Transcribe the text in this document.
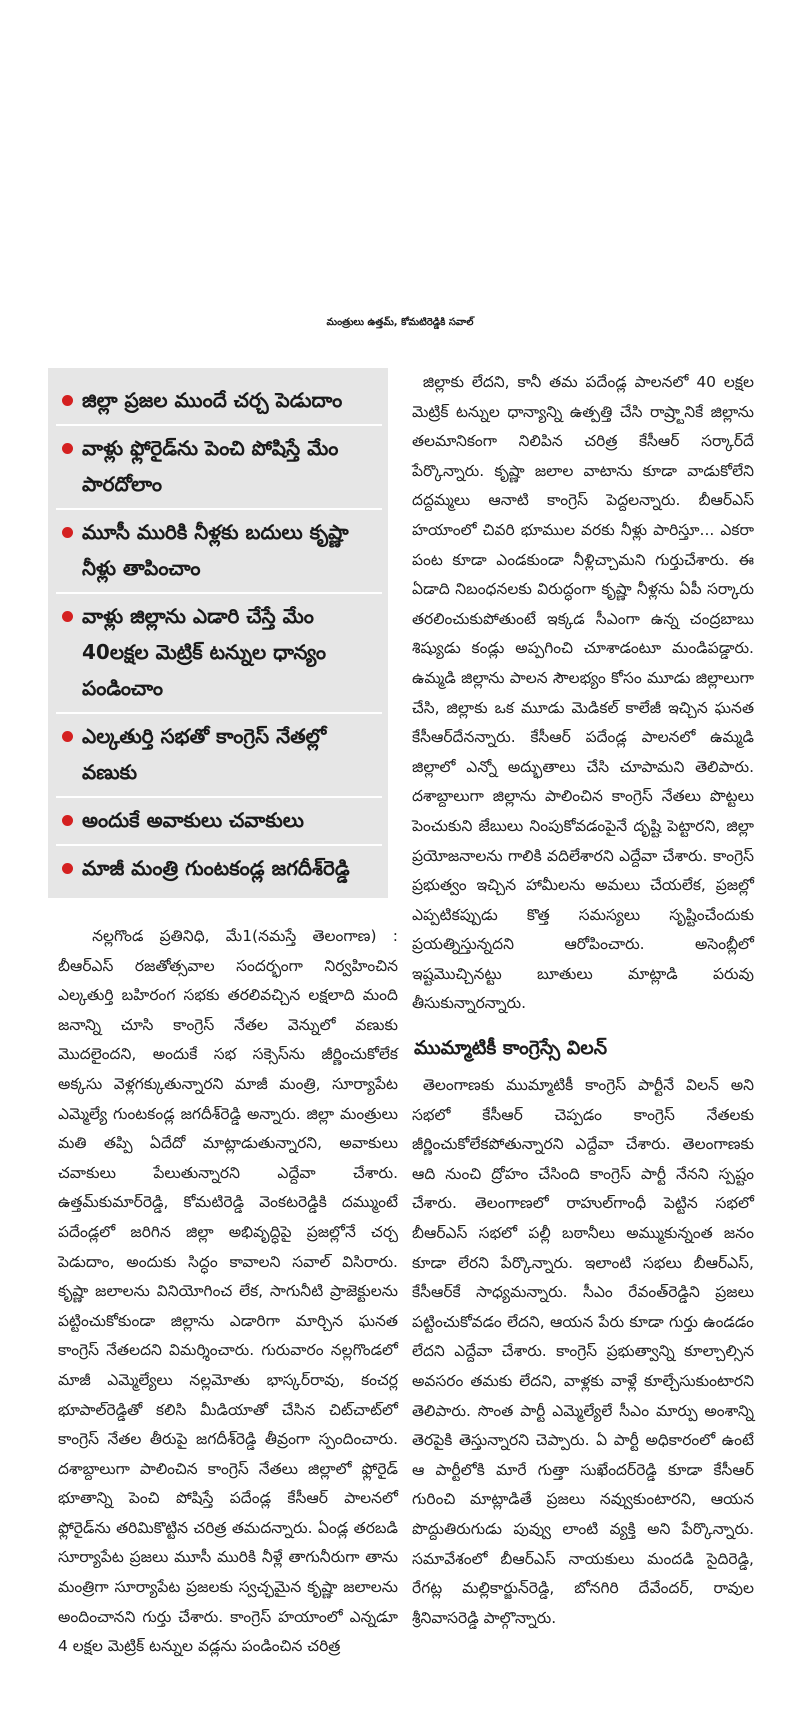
మంత్రులు ఉత్తమ్, కోమటిరెడ్డికి సవాల్
జిల్లా ప్రజల ముందే చర్చ పెడుదాం
వాళ్లు ఫ్లోరైడ్‌ను పెంచి పోషిస్తే మేం పారదోలాం
మూసీ మురికి నీళ్లకు బదులు కృష్ణా నీళ్లు తాపించాం
వాళ్లు జిల్లాను ఎడారి చేస్తే మేం 40లక్షల మెట్రిక్ టన్నుల ధాన్యం పండించాం
ఎల్కతుర్తి సభతో కాంగ్రెస్ నేతల్లో వణుకు
అందుకే అవాకులు చవాకులు
మాజీ మంత్రి గుంటకండ్ల జగదీశ్‌రెడ్డి

నల్లగొండ ప్రతినిధి, మే1(నమస్తే తెలంగాణ) : బీఆర్ఎస్ రజతోత్సవాల సందర్భంగా నిర్వహించిన ఎల్కతుర్తి బహిరంగ సభకు తరలివచ్చిన లక్షలాది మంది జనాన్ని చూసి కాంగ్రెస్ నేతల వెన్నులో వణుకు మొదలైందని, అందుకే సభ సక్సెస్‌ను జీర్ణించుకోలేక అక్కసు వెళ్లగక్కుతున్నారని మాజీ మంత్రి, సూర్యాపేట ఎమ్మెల్యే గుంటకండ్ల జగదీశ్‌రెడ్డి అన్నారు. జిల్లా మంత్రులు మతి తప్పి ఏదేదో మాట్లాడుతున్నారని, అవాకులు చవాకులు పేలుతున్నారని ఎద్దేవా చేశారు. ఉత్తమ్‌కుమార్‌రెడ్డి, కోమటిరెడ్డి వెంకటరెడ్డికి దమ్ముంటే పదేండ్లలో జరిగిన జిల్లా అభివృద్ధిపై ప్రజల్లోనే చర్చ పెడుదాం, అందుకు సిద్ధం కావాలని సవాల్ విసిరారు. కృష్ణా జలాలను వినియోగించ లేక, సాగునీటి ప్రాజెక్టులను పట్టించుకోకుండా జిల్లాను ఎడారిగా మార్చిన ఘనత కాంగ్రెస్ నేతలదని విమర్శించారు. గురువారం నల్లగొండలో మాజీ ఎమ్మెల్యేలు నల్లమోతు భాస్కర్‌రావు, కంచర్ల భూపాల్‌రెడ్డితో కలిసి మీడియాతో చేసిన చిట్‌చాట్‌లో కాంగ్రెస్ నేతల తీరుపై జగదీశ్‌రెడ్డి తీవ్రంగా స్పందించారు. దశాబ్దాలుగా పాలించిన కాంగ్రెస్ నేతలు జిల్లాలో ఫ్లోరైడ్ భూతాన్ని పెంచి పోషిస్తే పదేండ్ల కేసీఆర్ పాలనలో ఫ్లోరైడ్‌ను తరిమికొట్టిన చరిత్ర తమదన్నారు. ఏండ్ల తరబడి సూర్యాపేట ప్రజలు మూసీ మురికి నీళ్లే తాగునీరుగా తాను మంత్రిగా సూర్యాపేట ప్రజలకు స్వచ్ఛమైన కృష్ణా జలాలను అందించానని గుర్తు చేశారు. కాంగ్రెస్ హయాంలో ఎన్నడూ 4 లక్షల మెట్రిక్ టన్నుల వడ్లను పండించిన చరిత్ర

జిల్లాకు లేదని, కానీ తమ పదేండ్ల పాలనలో 40 లక్షల మెట్రిక్ టన్నుల ధాన్యాన్ని ఉత్పత్తి చేసి రాష్ర్టానికే జిల్లాను తలమానికంగా నిలిపిన చరిత్ర కేసీఆర్ సర్కార్‌దే పేర్కొన్నారు. కృష్ణా జలాల వాటాను కూడా వాడుకోలేని దద్దమ్మలు ఆనాటి కాంగ్రెస్ పెద్దలన్నారు. బీఆర్ఎస్ హయాంలో చివరి భూముల వరకు నీళ్లు పారిస్తూ... ఎకరా పంట కూడా ఎండకుండా నీళ్లిచ్చామని గుర్తుచేశారు. ఈ ఏడాది నిబంధనలకు విరుద్ధంగా కృష్ణా నీళ్లను ఏపీ సర్కారు తరలించుకుపోతుంటే ఇక్కడ సీఎంగా ఉన్న చంద్రబాబు శిష్యుడు కండ్లు అప్పగించి చూశాడంటూ మండిపడ్డారు. ఉమ్మడి జిల్లాను పాలన సౌలభ్యం కోసం మూడు జిల్లాలుగా చేసి, జిల్లాకు ఒక మూడు మెడికల్ కాలేజీ ఇచ్చిన ఘనత కేసీఆర్‌దేనన్నారు. కేసీఆర్ పదేండ్ల పాలనలో ఉమ్మడి జిల్లాలో ఎన్నో అద్భుతాలు చేసి చూపామని తెలిపారు. దశాబ్దాలుగా జిల్లాను పాలించిన కాంగ్రెస్ నేతలు పొట్టలు పెంచుకుని జేబులు నింపుకోవడంపైనే దృష్టి పెట్టారని, జిల్లా ప్రయోజనాలను గాలికి వదిలేశారని ఎద్దేవా చేశారు. కాంగ్రెస్ ప్రభుత్వం ఇచ్చిన హామీలను అమలు చేయలేక, ప్రజల్లో ఎప్పటికప్పుడు కొత్త సమస్యలు సృష్టించేందుకు ప్రయత్నిస్తున్నదని ఆరోపించారు. అసెంబ్లీలో ఇష్టమొచ్చినట్టు బూతులు మాట్లాడి పరువు తీసుకున్నారన్నారు.

ముమ్మాటికీ కాంగ్రెస్సే విలన్

తెలంగాణకు ముమ్మాటికీ కాంగ్రెస్ పార్టీనే విలన్ అని సభలో కేసీఆర్ చెప్పడం కాంగ్రెస్ నేతలకు జీర్ణించుకోలేకపోతున్నారని ఎద్దేవా చేశారు. తెలంగాణకు ఆది నుంచి ద్రోహం చేసింది కాంగ్రెస్ పార్టీ నేనని స్పష్టం చేశారు. తెలంగాణలో రాహుల్‌గాంధీ పెట్టిన సభలో బీఆర్ఎస్ సభలో పల్లీ బఠానీలు అమ్ముకున్నంత జనం కూడా లేరని పేర్కొన్నారు. ఇలాంటి సభలు బీఆర్ఎస్, కేసీఆర్‌కే సాధ్యమన్నారు. సీఎం రేవంత్‌రెడ్డిని ప్రజలు పట్టించుకోవడం లేదని, ఆయన పేరు కూడా గుర్తు ఉండడం లేదని ఎద్దేవా చేశారు. కాంగ్రెస్ ప్రభుత్వాన్ని కూల్చాల్సిన అవసరం తమకు లేదని, వాళ్లకు వాళ్లే కూల్చేసుకుంటారని తెలిపారు. సొంత పార్టీ ఎమ్మెల్యేలే సీఎం మార్పు అంశాన్ని తెరపైకి తెస్తున్నారని చెప్పారు. ఏ పార్టీ అధికారంలో ఉంటే ఆ పార్టీలోకి మారే గుత్తా సుఖేందర్‌రెడ్డి కూడా కేసీఆర్ గురించి మాట్లాడితే ప్రజలు నవ్వుకుంటారని, ఆయన పొద్దుతిరుగుడు పువ్వు లాంటి వ్యక్తి అని పేర్కొన్నారు. సమావేశంలో బీఆర్ఎస్ నాయకులు మందడి సైదిరెడ్డి, రేగట్ల మల్లికార్జున్‌రెడ్డి, బోనగిరి దేవేందర్, రావుల శ్రీనివాసరెడ్డి పాల్గొన్నారు.
